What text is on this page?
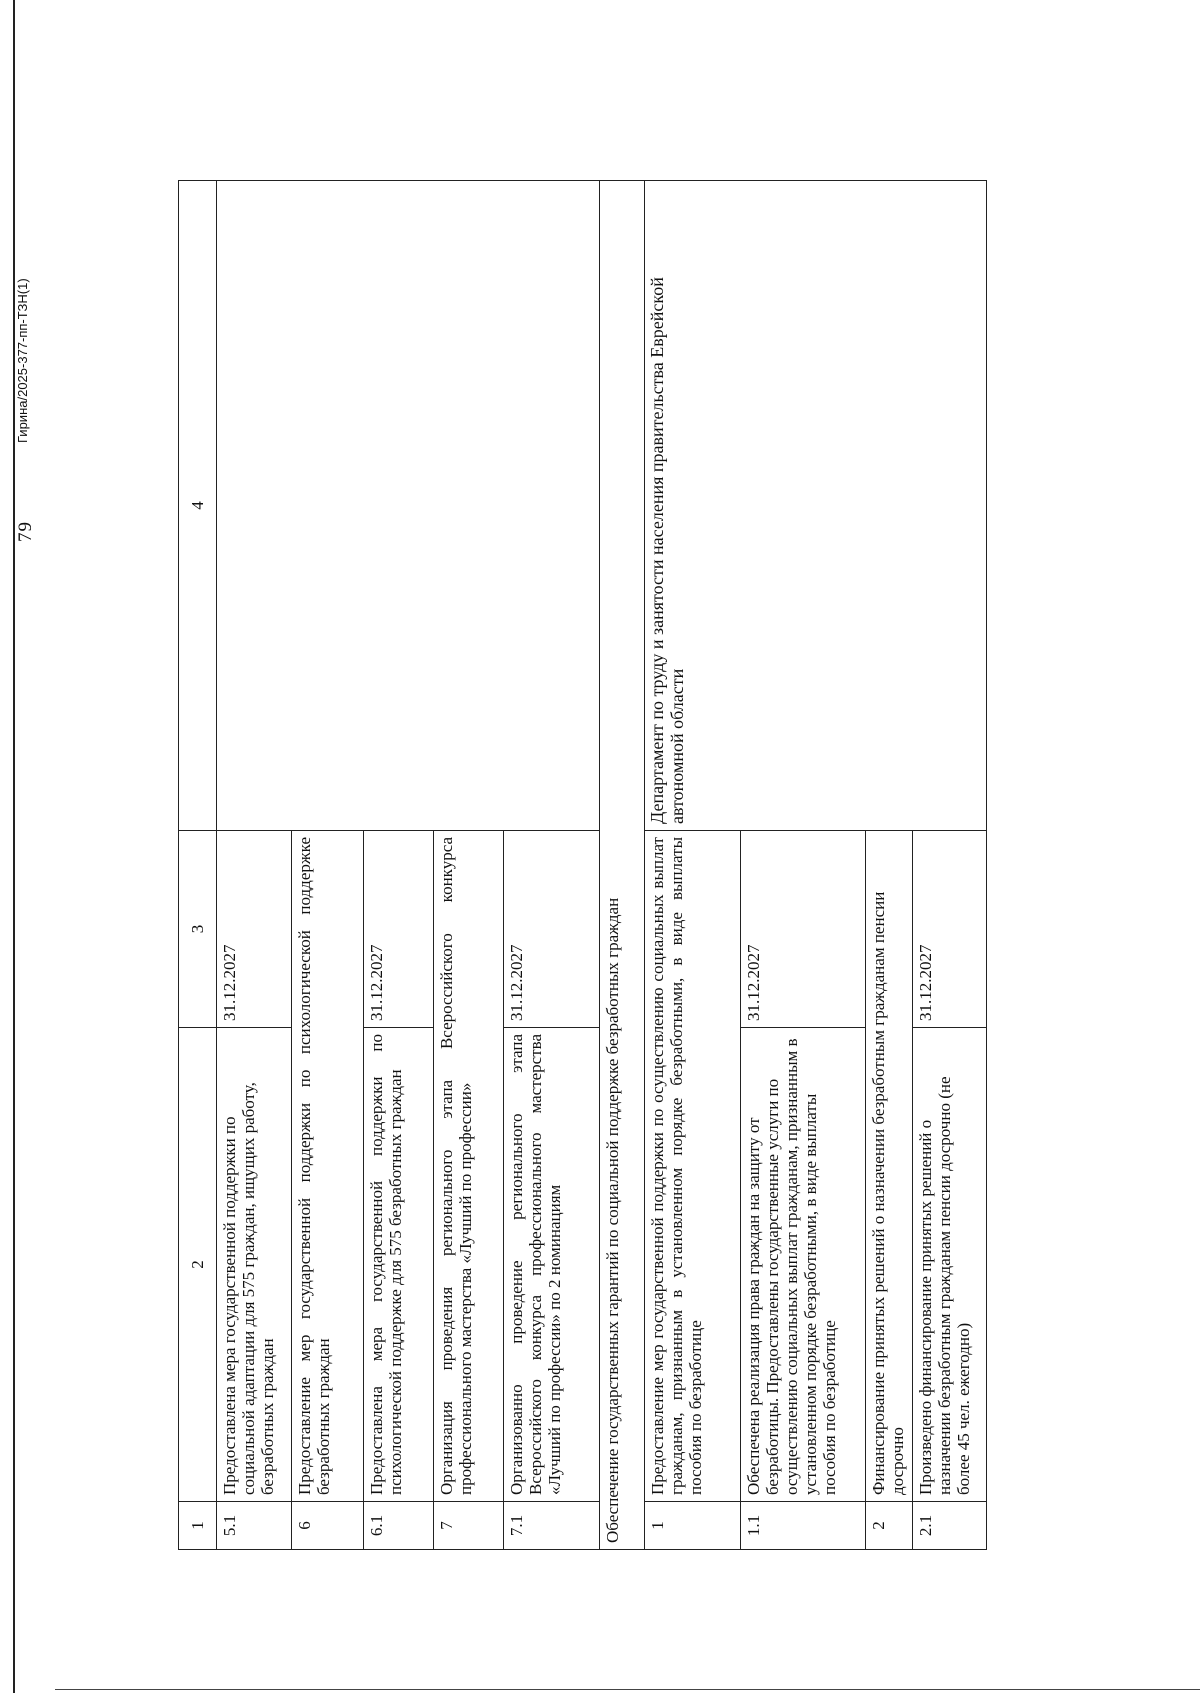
79
Гирина/2025-377-пп-ТЗН(1)
1	2	3	4
5.1	Предоставлена мера государственной поддержки по социальной адаптации для 575 граждан, ищущих работу, безработных граждан	31.12.2027	
6	Предоставление мер государственной поддержки по психологической поддержке безработных граждан		
6.1	Предоставлена мера государственной поддержки по психологической поддержке для 575 безработных граждан	31.12.2027	
7	Организация проведения регионального этапа Всероссийского конкурса профессионального мастерства «Лучший по профессии»		
7.1	Организованно проведение регионального этапа Всероссийского конкурса профессионального мастерства «Лучший по профессии» по 2 номинациям	31.12.2027	
Обеспечение государственных гарантий по социальной поддержке безработных граждан			
1	Предоставление мер государственной поддержки по осуществлению социальных выплат гражданам, признанным в установленном порядке безработными, в виде выплаты пособия по безработице		Департамент по труду и занятости населения правительства Еврейской автономной области
1.1	Обеспечена реализация права граждан на защиту от безработицы. Предоставлены государственные услуги по осуществлению социальных выплат гражданам, признанным в установленном порядке безработными, в виде выплаты пособия по безработице	31.12.2027	
2	Финансирование принятых решений о назначении безработным гражданам пенсии досрочно		
2.1	Произведено финансирование принятых решений о назначении безработным гражданам пенсии досрочно (не более 45 чел. ежегодно)	31.12.2027	
